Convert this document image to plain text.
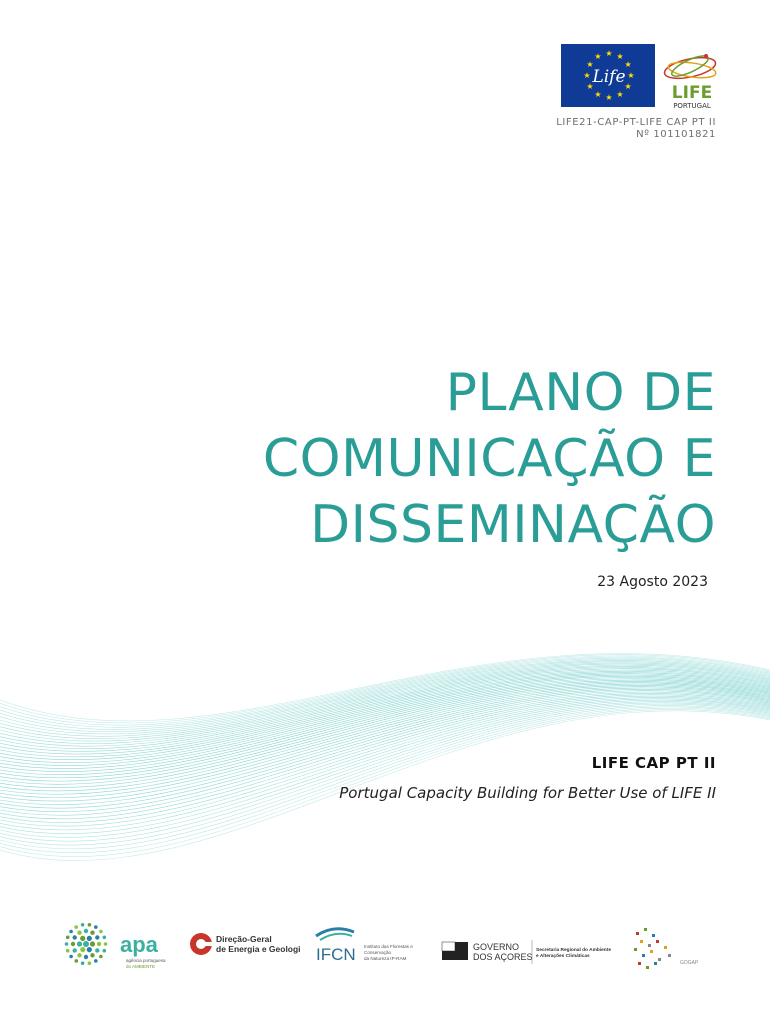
★
★
★
★
★
★
★
★
★ ★ ★
★
Life
LIFE
PORTUGAL
LIFE21-CAP-PT-LIFE CAP PT II
Nº 101101821
PLANO DE
COMUNICAÇÃO E
DISSEMINAÇÃO
23 Agosto 2023
LIFE CAP PT II
Portugal Capacity Building for Better Use of LIFE II
apa
agência portuguesa
do AMBIENTE
Direção-Geral
de Energia e Geologia IFCN Instituto das Florestas e
Conservação
da Natureza IP-RAM
GOVERNO
DOS AÇORES
Secretaria Regional do Ambiente
e Alterações Climáticas
GOGAP
